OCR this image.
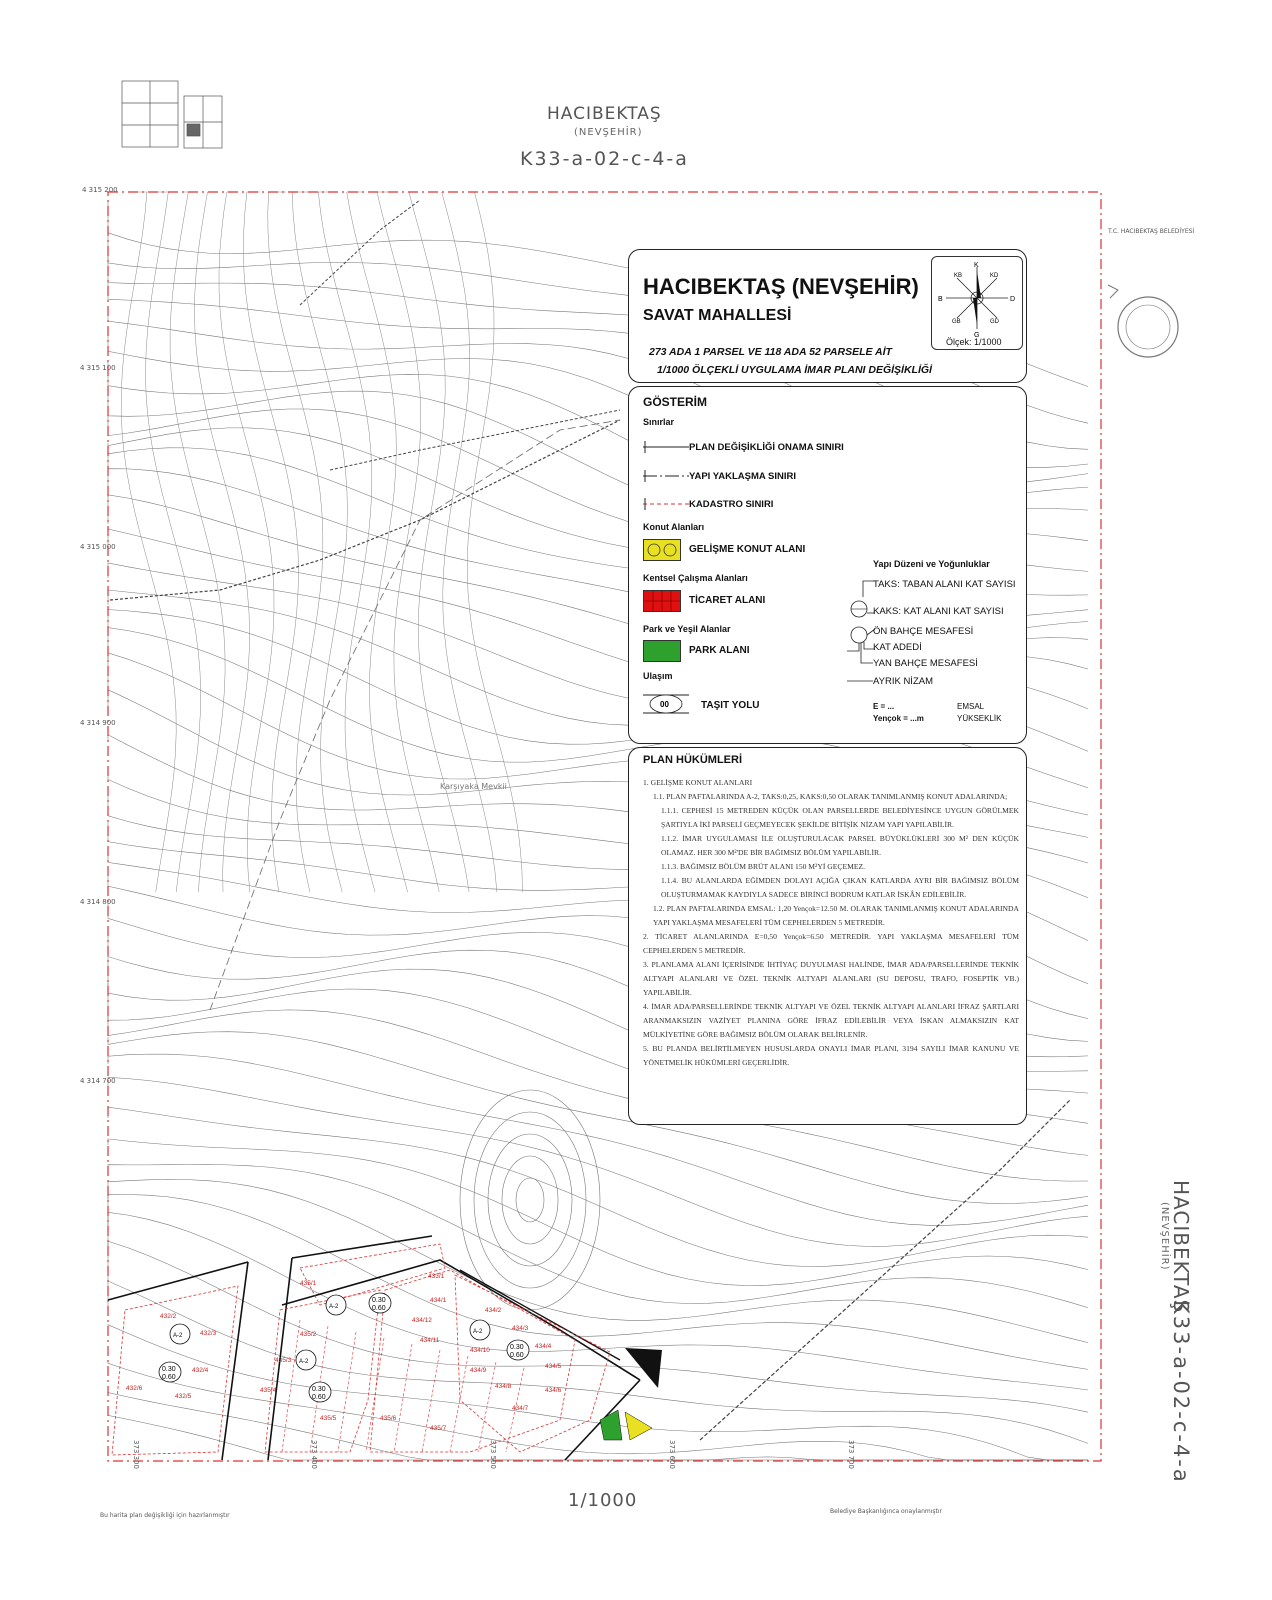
435/1
433/1
432/2
432/3
432/4
432/5
432/6
434/1
434/2
434/3
434/4
434/5
434/6
434/7
434/8
434/9
434/10
434/11
434/12
435/2
435/3
435/4
435/5	435/6
435/7
A-2
A-2
A-2
A-2
0.30
0.60
0.30
0.60
0.30
0.60
0.30
0.60
HACIBEKTAŞ
(NEVŞEHİR)
K33-a-02-c-4-a
1/1000
HACIBEKTAŞ
(NEVŞEHİR)
K33-a-02-c-4-a
4 315 200
4 315 100
4 315 000
4 314 900
4 314 800
4 314 700
373 300	373 400	373 500	373 600	373 700
Bu harita plan değişikliği için hazırlanmıştır
Belediye Başkanlığınca onaylanmıştır
T.C. HACIBEKTAŞ BELEDİYESİ
Karşıyaka Mevkii
HACIBEKTAŞ (NEVŞEHİR)
SAVAT MAHALLESİ
273 ADA 1 PARSEL VE 118 ADA 52 PARSELE AİT
1/1000 ÖLÇEKLİ UYGULAMA İMAR PLANI DEĞİŞİKLİĞİ
K
G
D
B
KD
KB
GD
GB
Ölçek: 1/1000
GÖSTERİM
Sınırlar
PLAN DEĞİŞİKLİĞİ ONAMA SINIRI
YAPI YAKLAŞMA SINIRI
KADASTRO SINIRI
Konut Alanları
GELİŞME KONUT ALANI
Kentsel Çalışma Alanları
TİCARET ALANI
Park ve Yeşil Alanlar
PARK ALANI
Ulaşım
00	TAŞIT YOLU
Yapı Düzeni ve Yoğunluklar
TAKS: TABAN ALANI KAT SAYISI
KAKS: KAT ALANI KAT SAYISI
ÖN BAHÇE MESAFESİ
KAT ADEDİ
YAN BAHÇE MESAFESİ
AYRIK NİZAM
E = ...	EMSAL
Yençok = ...m	YÜKSEKLİK
PLAN HÜKÜMLERİ
1. GELİŞME KONUT ALANLARI
1.1. PLAN PAFTALARINDA A-2, TAKS:0,25, KAKS:0,50 OLARAK TANIMLANMIŞ KONUT ADALARINDA;
1.1.1. CEPHESİ 15 METREDEN KÜÇÜK OLAN PARSELLERDE BELEDİYESİNCE UYGUN GÖRÜLMEK ŞARTIYLA İKİ PARSELİ GEÇMEYECEK ŞEKİLDE BİTİŞİK NİZAM YAPI YAPILABİLİR.
1.1.2. İMAR UYGULAMASI İLE OLUŞTURULACAK PARSEL BÜYÜKLÜKLERİ 300 M² DEN KÜÇÜK OLAMAZ. HER 300 M²'DE BİR BAĞIMSIZ BÖLÜM YAPILABİLİR.
1.1.3. BAĞIMSIZ BÖLÜM BRÜT ALANI 150 M²Yİ GEÇEMEZ.
1.1.4. BU ALANLARDA EĞİMDEN DOLAYI AÇIĞA ÇIKAN KATLARDA AYRI BİR BAĞIMSIZ BÖLÜM OLUŞTURMAMAK KAYDIYLA SADECE BİRİNCİ BODRUM KATLAR İSKÂN EDİLEBİLİR.
1.2. PLAN PAFTALARINDA EMSAL: 1,20 Yençok=12.50 M. OLARAK TANIMLANMIŞ KONUT ADALARINDA YAPI YAKLAŞMA MESAFELERİ TÜM CEPHELERDEN 5 METREDİR.
2. TİCARET ALANLARINDA E=0,50 Yençok=6.50 METREDİR. YAPI YAKLAŞMA MESAFELERİ TÜM CEPHELERDEN 5 METREDİR.
3. PLANLAMA ALANI İÇERİSİNDE İHTİYAÇ DUYULMASI HALİNDE, İMAR ADA/PARSELLERİNDE TEKNİK ALTYAPI ALANLARI VE ÖZEL TEKNİK ALTYAPI ALANLARI (SU DEPOSU, TRAFO, FOSEPTİK VB.) YAPILABİLİR.
4. İMAR ADA/PARSELLERİNDE TEKNİK ALTYAPI VE ÖZEL TEKNİK ALTYAPI ALANLARI İFRAZ ŞARTLARI ARANMAKSIZIN VAZİYET PLANINA GÖRE İFRAZ EDİLEBİLİR VEYA İSKAN ALMAKSIZIN KAT MÜLKİYETİNE GÖRE BAĞIMSIZ BÖLÜM OLARAK BELİRLENİR.
5. BU PLANDA BELİRTİLMEYEN HUSUSLARDA ONAYLI İMAR PLANI, 3194 SAYILI İMAR KANUNU VE YÖNETMELİK HÜKÜMLERİ GEÇERLİDİR.
